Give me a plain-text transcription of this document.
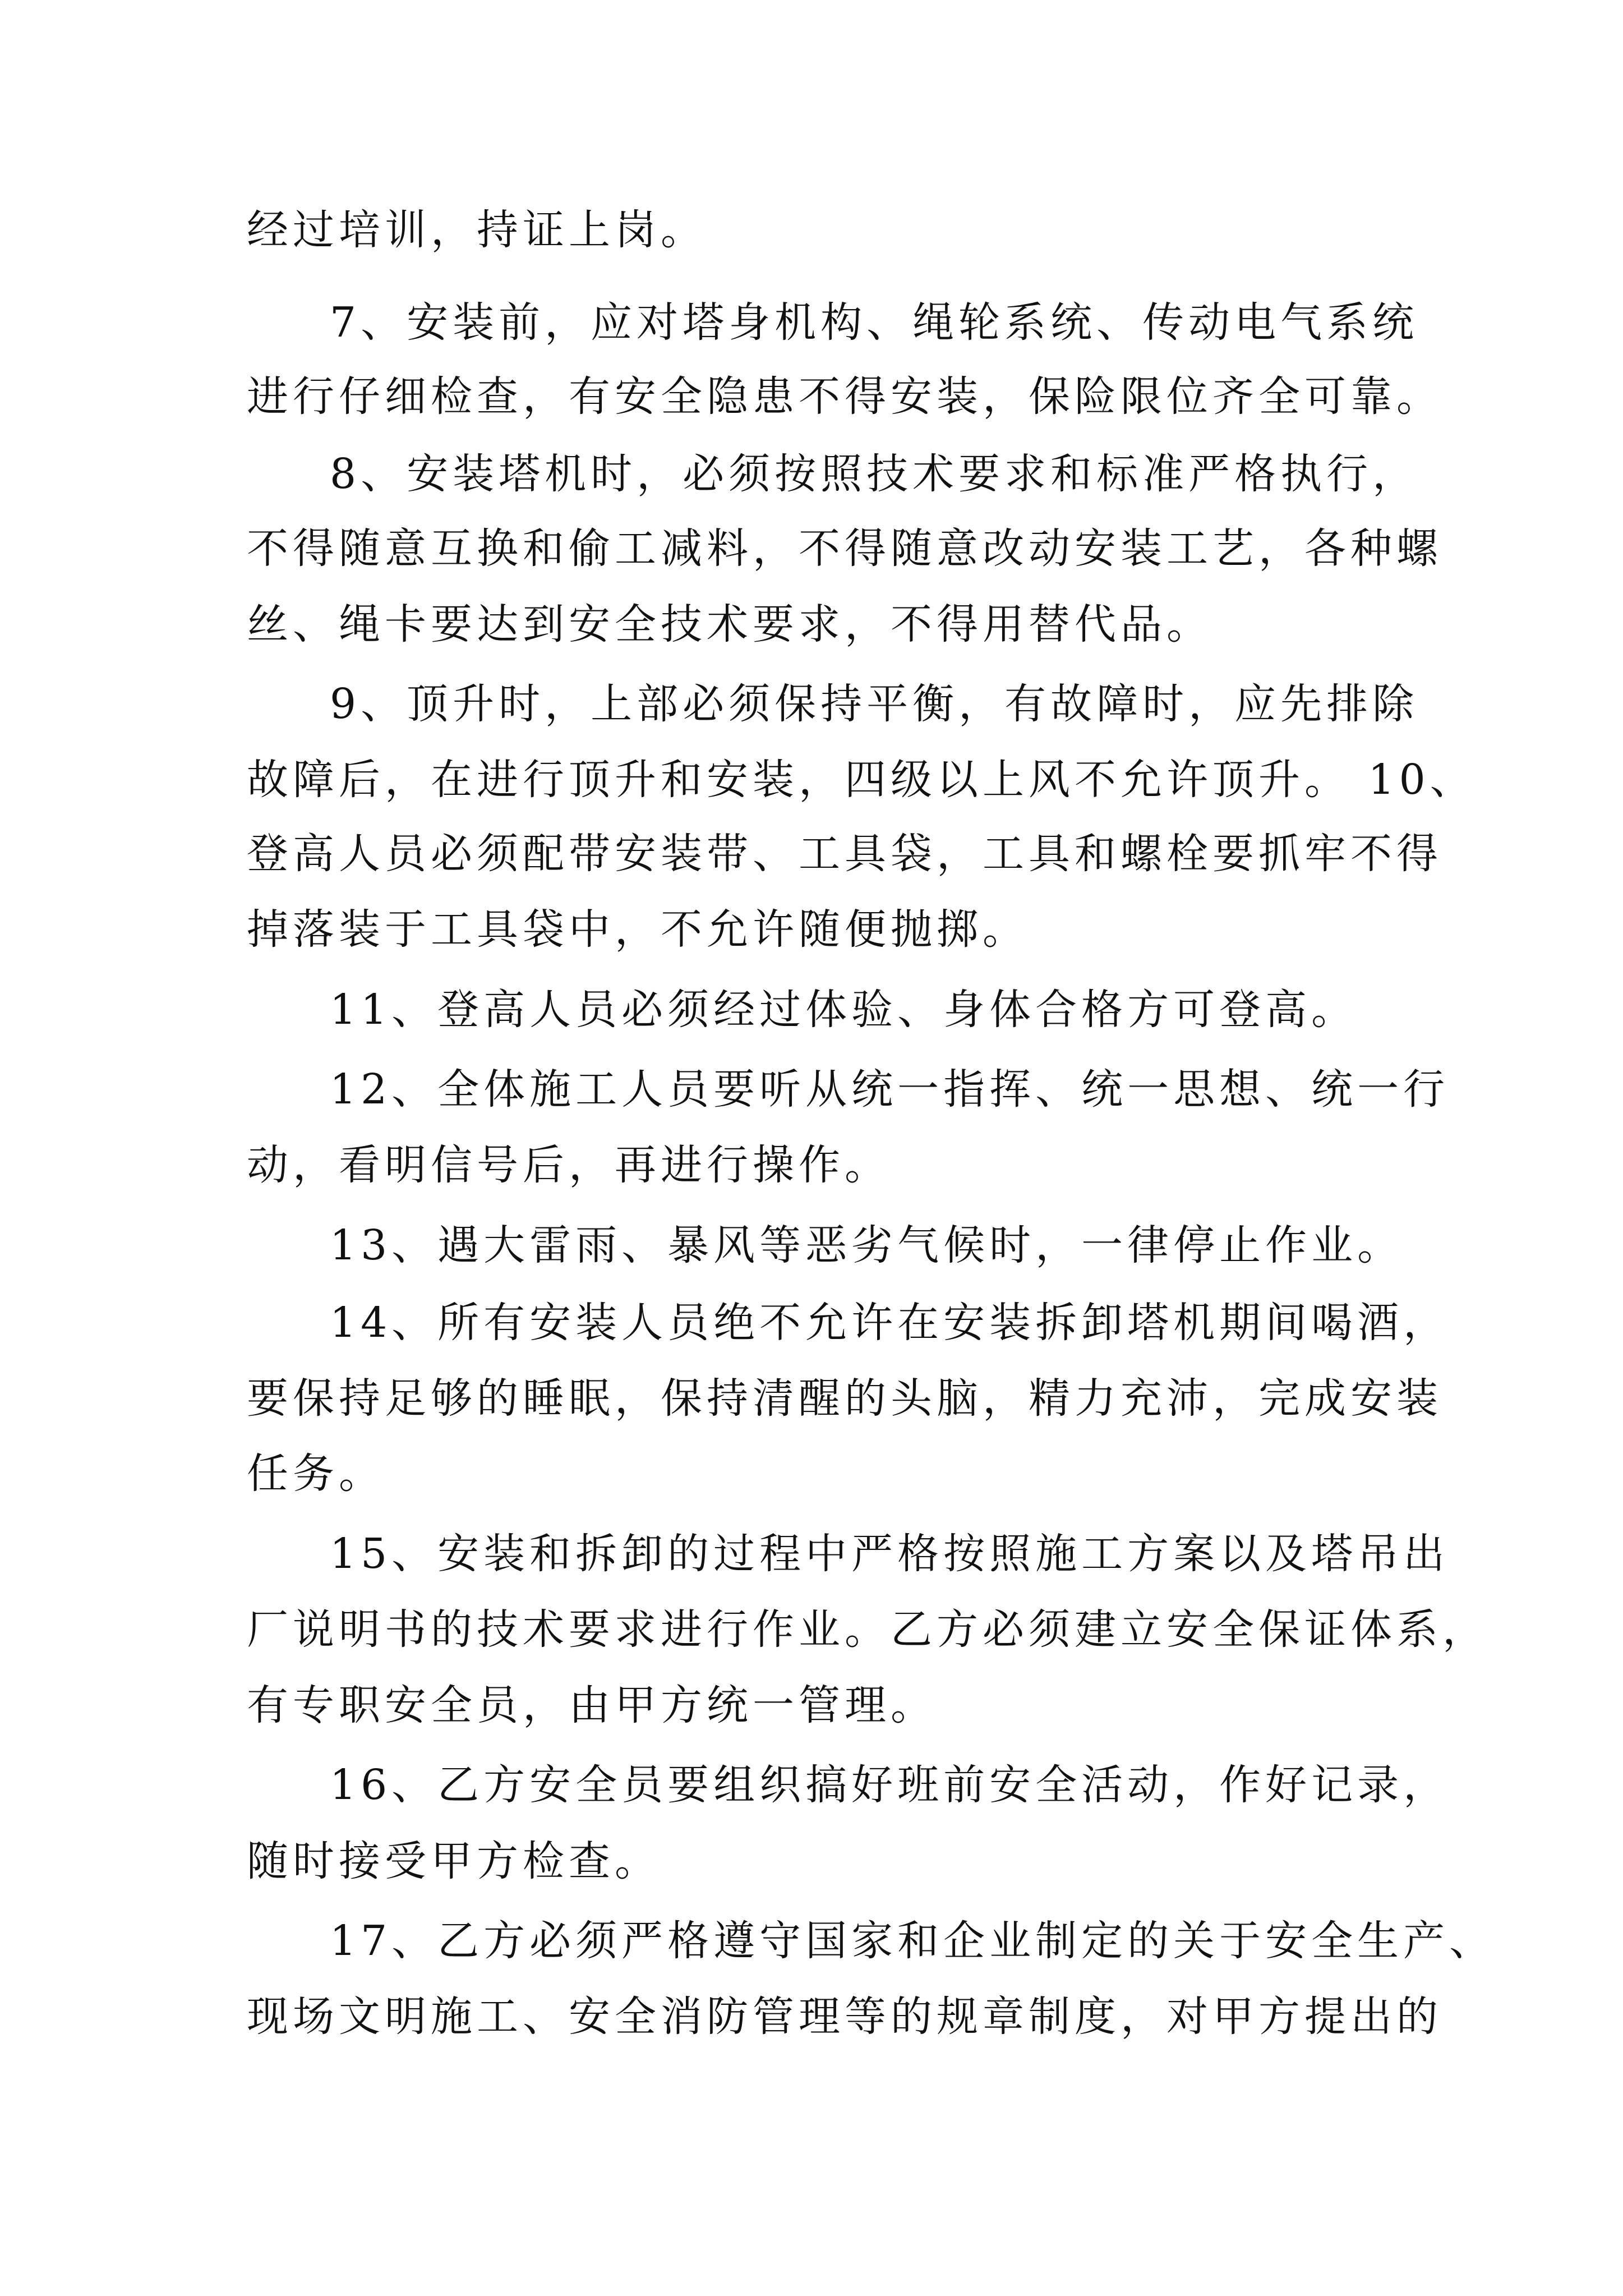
经过培训，持证上岗。
7、安装前，应对塔身机构、绳轮系统、传动电气系统
进行仔细检查，有安全隐患不得安装，保险限位齐全可靠。
8、安装塔机时，必须按照技术要求和标准严格执行，
不得随意互换和偷工减料，不得随意改动安装工艺，各种螺
丝、绳卡要达到安全技术要求，不得用替代品。
9、顶升时，上部必须保持平衡，有故障时，应先排除
故障后，在进行顶升和安装，四级以上风不允许顶升。 10、
登高人员必须配带安装带、工具袋，工具和螺栓要抓牢不得
掉落装于工具袋中，不允许随便抛掷。
11、登高人员必须经过体验、身体合格方可登高。
12、全体施工人员要听从统一指挥、统一思想、统一行
动，看明信号后，再进行操作。
13、遇大雷雨、暴风等恶劣气候时，一律停止作业。
14、所有安装人员绝不允许在安装拆卸塔机期间喝酒，
要保持足够的睡眠，保持清醒的头脑，精力充沛，完成安装
任务。
15、安装和拆卸的过程中严格按照施工方案以及塔吊出
厂说明书的技术要求进行作业。乙方必须建立安全保证体系，
有专职安全员，由甲方统一管理。
16、乙方安全员要组织搞好班前安全活动，作好记录，
随时接受甲方检查。
17、乙方必须严格遵守国家和企业制定的关于安全生产、
现场文明施工、安全消防管理等的规章制度，对甲方提出的
